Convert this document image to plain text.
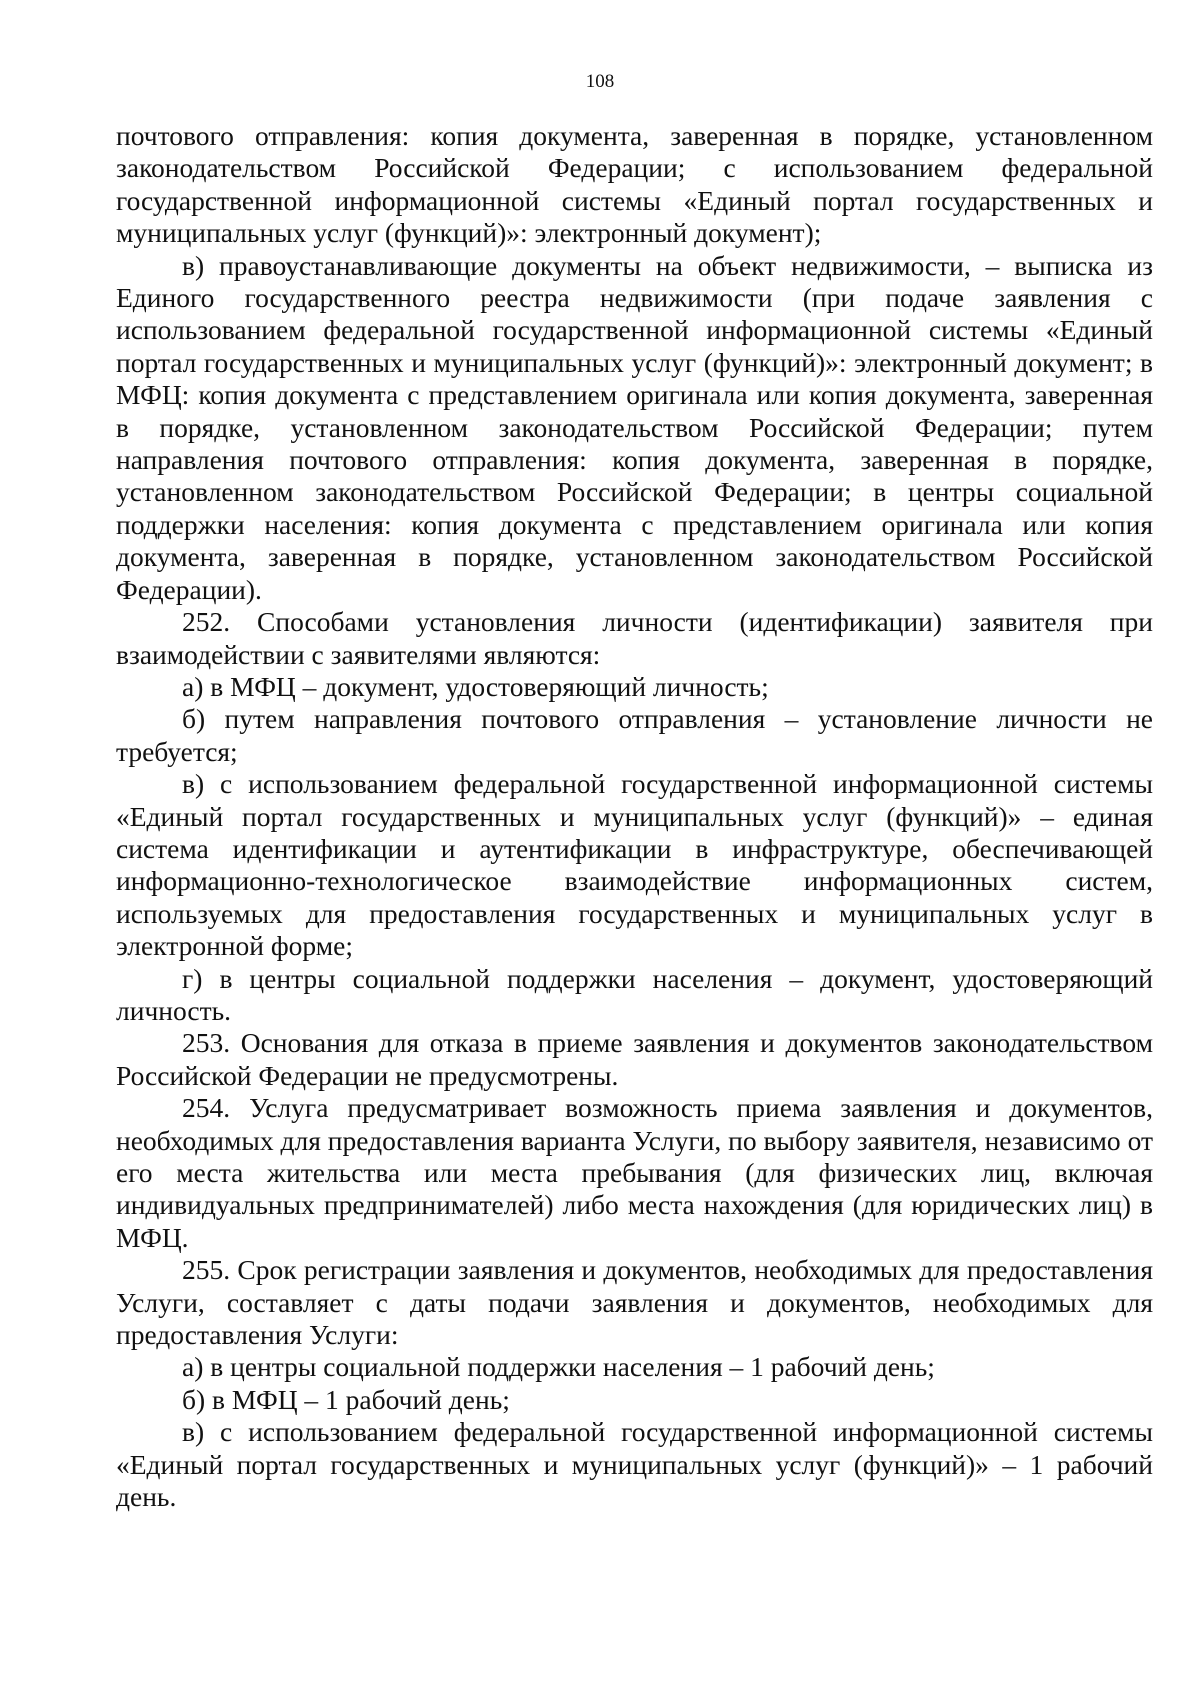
108

почтового отправления: копия документа, заверенная в порядке, установленном законодательством Российской Федерации; с использованием федеральной государственной информационной системы «Единый портал государственных и муниципальных услуг (функций)»: электронный документ);

в) правоустанавливающие документы на объект недвижимости, – выписка из Единого государственного реестра недвижимости (при подаче заявления с использованием федеральной государственной информационной системы «Единый портал государственных и муниципальных услуг (функций)»: электронный документ; в МФЦ: копия документа с представлением оригинала или копия документа, заверенная в порядке, установленном законодательством Российской Федерации; путем направления почтового отправления: копия документа, заверенная в порядке, установленном законодательством Российской Федерации; в центры социальной поддержки населения: копия документа с представлением оригинала или копия документа, заверенная в порядке, установленном законодательством Российской Федерации).

252. Способами установления личности (идентификации) заявителя при взаимодействии с заявителями являются:

а) в МФЦ – документ, удостоверяющий личность;

б) путем направления почтового отправления – установление личности не требуется;

в) с использованием федеральной государственной информационной системы «Единый портал государственных и муниципальных услуг (функций)» – единая система идентификации и аутентификации в инфраструктуре, обеспечивающей информационно-технологическое взаимодействие информационных систем, используемых для предоставления государственных и муниципальных услуг в электронной форме;

г) в центры социальной поддержки населения – документ, удостоверяющий личность.

253. Основания для отказа в приеме заявления и документов законодательством Российской Федерации не предусмотрены.

254. Услуга предусматривает возможность приема заявления и документов, необходимых для предоставления варианта Услуги, по выбору заявителя, независимо от его места жительства или места пребывания (для физических лиц, включая индивидуальных предпринимателей) либо места нахождения (для юридических лиц) в МФЦ.

255. Срок регистрации заявления и документов, необходимых для предоставления Услуги, составляет с даты подачи заявления и документов, необходимых для предоставления Услуги:

а) в центры социальной поддержки населения – 1 рабочий день;

б) в МФЦ – 1 рабочий день;

в) с использованием федеральной государственной информационной системы «Единый портал государственных и муниципальных услуг (функций)» – 1 рабочий день.
